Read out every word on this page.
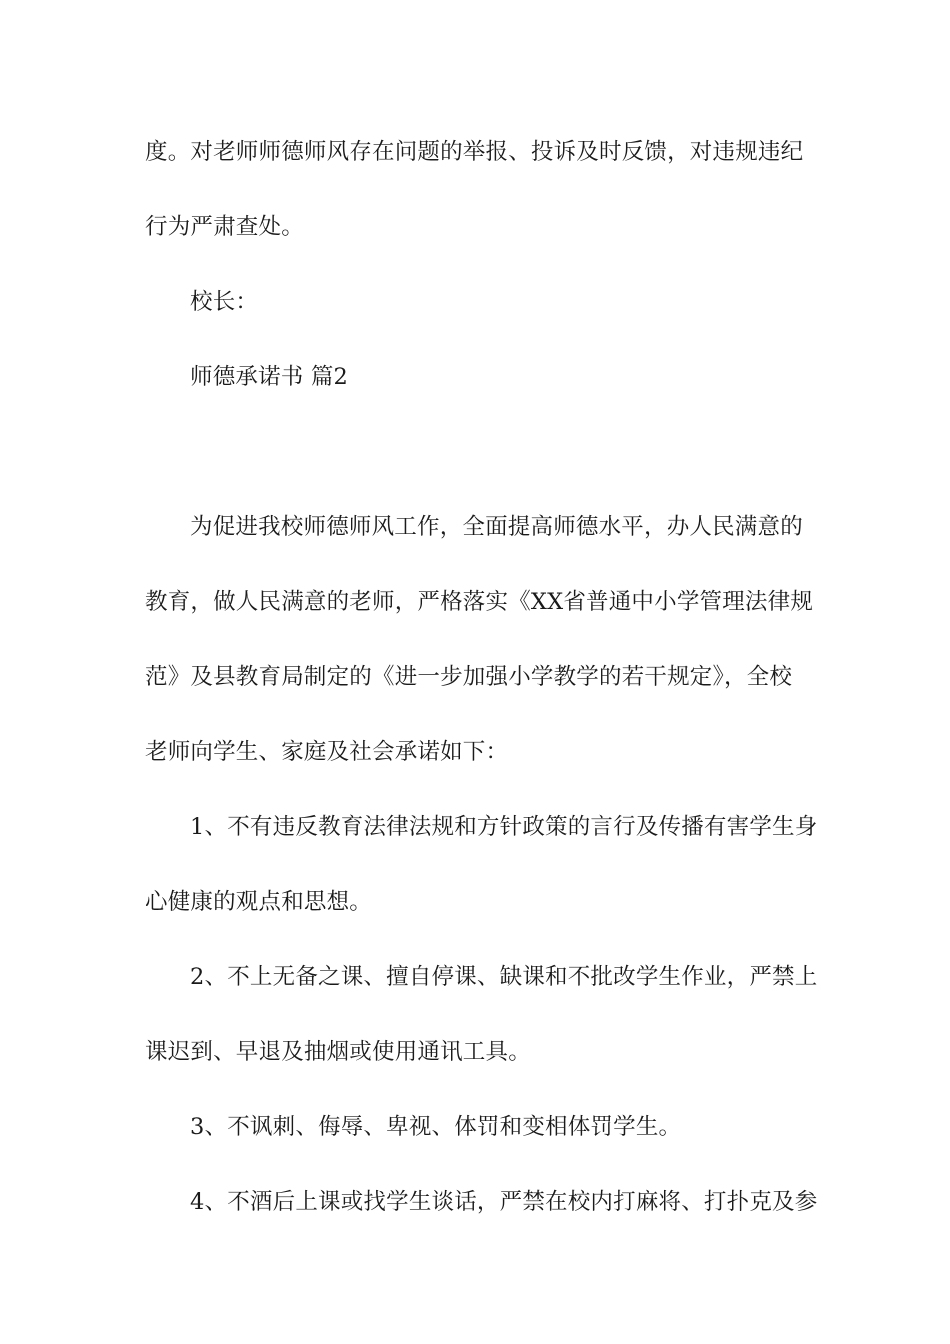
度。对老师师德师风存在问题的举报、投诉及时反馈，对违规违纪
行为严肃查处。
校长：
师德承诺书 篇2
为促进我校师德师风工作，全面提高师德水平，办人民满意的
教育，做人民满意的老师，严格落实《XX省普通中小学管理法律规
范》及县教育局制定的《进一步加强小学教学的若干规定》，全校
老师向学生、家庭及社会承诺如下：
1、不有违反教育法律法规和方针政策的言行及传播有害学生身
心健康的观点和思想。
2、不上无备之课、擅自停课、缺课和不批改学生作业，严禁上
课迟到、早退及抽烟或使用通讯工具。
3、不讽刺、侮辱、卑视、体罚和变相体罚学生。
4、不酒后上课或找学生谈话，严禁在校内打麻将、打扑克及参
